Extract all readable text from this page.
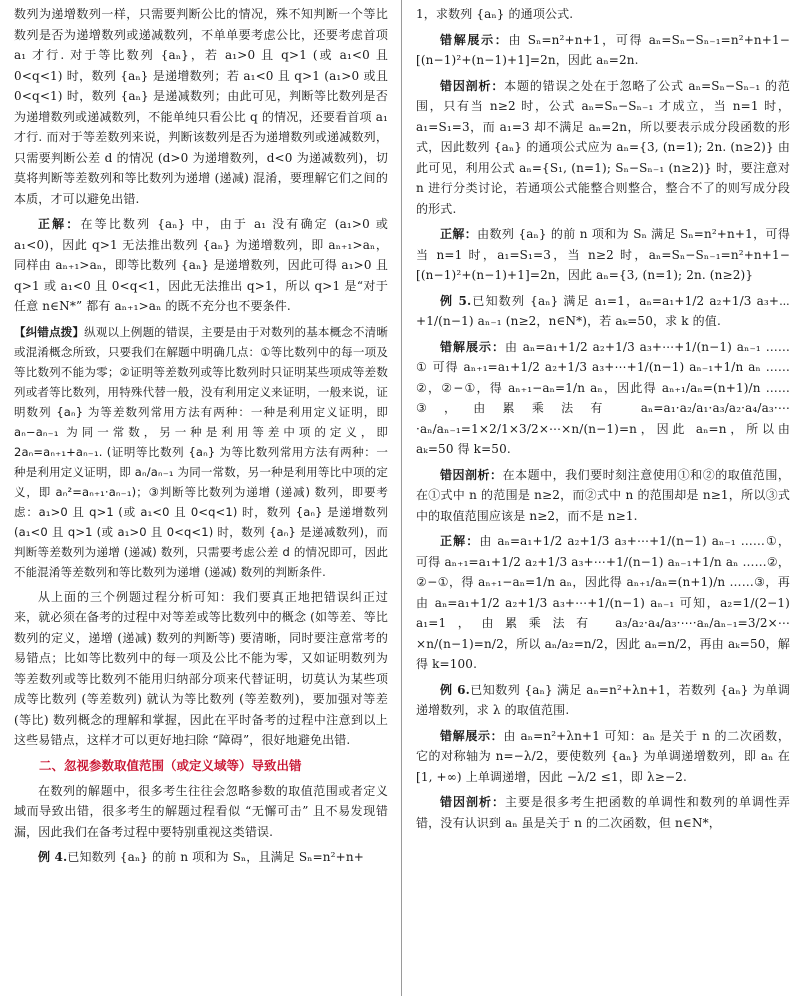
数列为递增数列一样，只需要判断公比的情况，殊不知判断一个等比数列是否为递增数列或递减数列，不单单要考虑公比，还要考虑首项 a₁ 才行. 对于等比数列 {aₙ}，若 a₁>0 且 q>1 (或 a₁<0 且 0<q<1) 时，数列 {aₙ} 是递增数列；若 a₁<0 且 q>1 (a₁>0 或且 0<q<1) 时，数列 {aₙ} 是递减数列；由此可见，判断等比数列是否为递增数列或递减数列，不能单纯只看公比 q 的情况，还要看首项 a₁ 才行. 而对于等差数列来说，判断该数列是否为递增数列或递减数列，只需要判断公差 d 的情况 (d>0 为递增数列，d<0 为递减数列)，切莫将判断等差数列和等比数列为递增 (递减) 混淆，要理解它们之间的本质，才可以避免出错.

正解：在等比数列 {aₙ} 中，由于 a₁ 没有确定 (a₁>0 或 a₁<0)，因此 q>1 无法推出数列 {aₙ} 为递增数列，即 aₙ₊₁>aₙ，同样由 aₙ₊₁>aₙ，即等比数列 {aₙ} 是递增数列，因此可得 a₁>0 且 q>1 或 a₁<0 且 0<q<1，因此无法推出 q>1，所以 q>1 是“对于任意 n∈N*” 都有 aₙ₊₁>aₙ 的既不充分也不要条件.

【纠错点拨】纵观以上例题的错误，主要是由于对数列的基本概念不清晰或混淆概念所致，只要我们在解题中明确几点：①等比数列中的每一项及等比数列不能为零；②证明等差数列或等比数列时只证明某些项成等差数列或者等比数列，用特殊代替一般，没有利用定义来证明，一般来说，证明数列 {aₙ} 为等差数列常用方法有两种：一种是利用定义证明，即 aₙ−aₙ₋₁ 为同一常数，另一种是利用等差中项的定义，即 2aₙ=aₙ₊₁+aₙ₋₁. (证明等比数列 {aₙ} 为等比数列常用方法有两种：一种是利用定义证明，即 aₙ/aₙ₋₁ 为同一常数，另一种是利用等比中项的定义，即 aₙ²=aₙ₊₁·aₙ₋₁)；③判断等比数列为递增 (递减) 数列，即要考虑：a₁>0 且 q>1 (或 a₁<0 且 0<q<1) 时，数列 {aₙ} 是递增数列 (a₁<0 且 q>1 (或 a₁>0 且 0<q<1) 时，数列 {aₙ} 是递减数列)，而判断等差数列为递增 (递减) 数列，只需要考虑公差 d 的情况即可，因此不能混淆等差数列和等比数列为递增 (递减) 数列的判断条件.

从上面的三个例题过程分析可知：我们要真正地把错误纠正过来，就必须在备考的过程中对等差或等比数列中的概念 (如等差、等比数列的定义，递增 (递减) 数列的判断等) 要清晰，同时要注意常考的易错点；比如等比数列中的每一项及公比不能为零，又如证明数列为等差数列或等比数列不能用归纳部分项来代替证明，切莫认为某些项成等比数列 (等差数列) 就认为等比数列 (等差数列)，要加强对等差 (等比) 数列概念的理解和掌握，因此在平时备考的过程中注意到以上这些易错点，这样才可以更好地扫除 “障碍”，很好地避免出错.

二、忽视参数取值范围（或定义域等）导致出错

在数列的解题中，很多考生往往会忽略参数的取值范围或者定义域而导致出错，很多考生的解题过程看似 “无懈可击” 且不易发现错漏，因此我们在备考过程中要特别重视这类错误.

例 4.已知数列 {aₙ} 的前 n 项和为 Sₙ，且满足 Sₙ=n²+n+

1，求数列 {aₙ} 的通项公式.

错解展示：由 Sₙ=n²+n+1，可得 aₙ=Sₙ−Sₙ₋₁=n²+n+1−[(n−1)²+(n−1)+1]=2n，因此 aₙ=2n.

错因剖析：本题的错误之处在于忽略了公式 aₙ=Sₙ−Sₙ₋₁ 的范围，只有当 n≥2 时，公式 aₙ=Sₙ−Sₙ₋₁ 才成立，当 n=1 时，a₁=S₁=3，而 a₁=3 却不满足 aₙ=2n，所以要表示成分段函数的形式，因此数列 {aₙ} 的通项公式应为 aₙ={3, (n=1); 2n. (n≥2)} 由此可见，利用公式 aₙ={S₁, (n=1); Sₙ−Sₙ₋₁ (n≥2)} 时，要注意对 n 进行分类讨论，若通项公式能整合则整合，整合不了的则写成分段的形式.

正解：由数列 {aₙ} 的前 n 项和为 Sₙ 满足 Sₙ=n²+n+1，可得当 n=1 时，a₁=S₁=3，当 n≥2 时，aₙ=Sₙ−Sₙ₋₁=n²+n+1−[(n−1)²+(n−1)+1]=2n，因此 aₙ={3, (n=1); 2n. (n≥2)}

例 5.已知数列 {aₙ} 满足 a₁=1，aₙ=a₁+1/2 a₂+1/3 a₃+⋯+1/(n−1) aₙ₋₁ (n≥2，n∈N*)，若 aₖ=50，求 k 的值.

错解展示：由 aₙ=a₁+1/2 a₂+1/3 a₃+⋯+1/(n−1) aₙ₋₁ ……① 可得 aₙ₊₁=a₁+1/2 a₂+1/3 a₃+⋯+1/(n−1) aₙ₋₁+1/n aₙ ……②，②−①，得 aₙ₊₁−aₙ=1/n aₙ，因此得 aₙ₊₁/aₙ=(n+1)/n ……③，由累乘法有 aₙ=a₁·a₂/a₁·a₃/a₂·a₄/a₃·⋯·aₙ/aₙ₋₁=1×2/1×3/2×⋯×n/(n−1)=n，因此 aₙ=n，所以由 aₖ=50 得 k=50.

错因剖析：在本题中，我们要时刻注意使用①和②的取值范围，在①式中 n 的范围是 n≥2，而②式中 n 的范围却是 n≥1，所以③式中的取值范围应该是 n≥2，而不是 n≥1.

正解：由 aₙ=a₁+1/2 a₂+1/3 a₃+⋯+1/(n−1) aₙ₋₁ ……①，可得 aₙ₊₁=a₁+1/2 a₂+1/3 a₃+⋯+1/(n−1) aₙ₋₁+1/n aₙ ……②，②−①，得 aₙ₊₁−aₙ=1/n aₙ，因此得 aₙ₊₁/aₙ=(n+1)/n ……③，再由 aₙ=a₁+1/2 a₂+1/3 a₃+⋯+1/(n−1) aₙ₋₁ 可知，a₂=1/(2−1) a₁=1，由累乘法有 a₃/a₂·a₄/a₃·⋯·aₙ/aₙ₋₁=3/2×⋯×n/(n−1)=n/2，所以 aₙ/a₂=n/2，因此 aₙ=n/2，再由 aₖ=50，解得 k=100.

例 6.已知数列 {aₙ} 满足 aₙ=n²+λn+1，若数列 {aₙ} 为单调递增数列，求 λ 的取值范围.

错解展示：由 aₙ=n²+λn+1 可知：aₙ 是关于 n 的二次函数，它的对称轴为 n=−λ/2，要使数列 {aₙ} 为单调递增数列，即 aₙ 在 [1, +∞) 上单调递增，因此 −λ/2 ≤1，即 λ≥−2.

错因剖析：主要是很多考生把函数的单调性和数列的单调性弄错，没有认识到 aₙ 虽是关于 n 的二次函数，但 n∈N*，
